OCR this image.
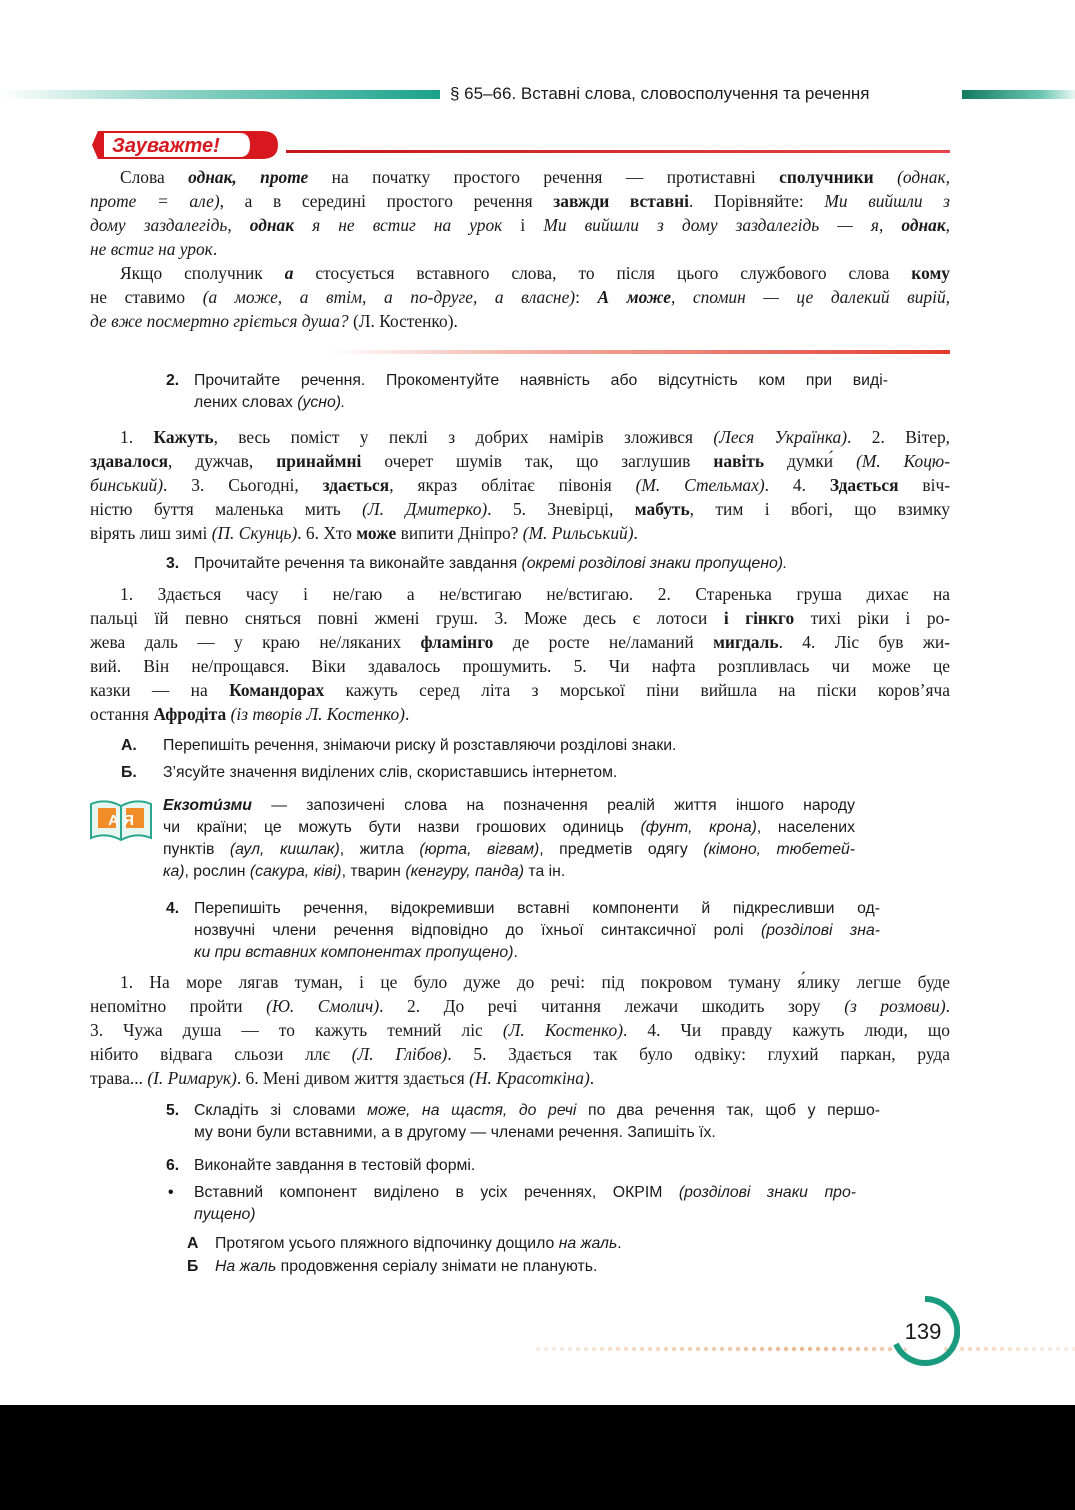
§ 65–66. Вставні слова, словосполучення та речення
Зауважте!
Слова однак, проте на початку простого речення — протиставні сполучники (однак,
проте = але), а в середині простого речення завжди вставні. Порівняйте: Ми вийшли з
дому заздалегідь, однак я не встиг на урок і Ми вийшли з дому заздалегідь — я, однак,
не встиг на урок.
Якщо сполучник а стосується вставного слова, то після цього службового слова кому
не ставимо (а може, а втім, а по-друге, а власне): А може, спомин — це далекий вирій,
де вже посмертно гріється душа? (Л. Костенко).
2. Прочитайте речення. Прокоментуйте наявність або відсутність ком при виді-
лених словах (усно).
1. Кажуть, весь поміст у пеклі з добрих намірів зложився (Леся Українка). 2. Вітер,
здавалося, дужчав, принаймні очерет шумів так, що заглушив навіть думки́ (М. Коцю-
бинський). 3. Сьогодні, здається, якраз облітає півонія (М. Стельмах). 4. Здається віч-
ністю буття маленька мить (Л. Дмитерко). 5. Зневірці, мабуть, тим і вбогі, що взимку
вірять лиш зимі (П. Скунць). 6. Хто може випити Дніпро? (М. Рильський).
3. Прочитайте речення та виконайте завдання (окремі розділові знаки пропущено).
1. Здається часу і не/гаю а не/встигаю не/встигаю. 2. Старенька груша дихає на
пальці їй певно сняться повні жмені груш. 3. Може десь є лотоси і гінкго тихі ріки і ро-
жева даль — у краю не/ляканих фламінго де росте не/ламаний мигдаль. 4. Ліс був жи-
вий. Він не/прощався. Віки здавалось прошумить. 5. Чи нафта розпливлась чи може це
казки — на Командорах кажуть серед літа з морської піни вийшла на піски коров’яча
остання Афродіта (із творів Л. Костенко).
А. Перепишіть речення, знімаючи риску й розставляючи розділові знаки.
Б. З’ясуйте значення виділених слів, скориставшись інтернетом.
А Я
Екзоти́зми — запозичені слова на позначення реалій життя іншого народу
чи країни; це можуть бути назви грошових одиниць (фунт, крона), населених
пунктів (аул, кишлак), житла (юрта, вігвам), предметів одягу (кімоно, тюбетей-
ка), рослин (сакура, ківі), тварин (кенгуру, панда) та ін.
4. Перепишіть речення, відокремивши вставні компоненти й підкресливши од-
нозвучні члени речення відповідно до їхньої синтаксичної ролі (розділові зна-
ки при вставних компонентах пропущено).
1. На море лягав туман, і це було дуже до речі: під покровом туману я́лику легше буде
непомітно пройти (Ю. Смолич). 2. До речі читання лежачи шкодить зору (з розмови).
3. Чужа душа — то кажуть темний ліс (Л. Костенко). 4. Чи правду кажуть люди, що
нібито відвага сльози ллє (Л. Глібов). 5. Здається так було одвіку: глухий паркан, руда
трава... (І. Римарук). 6. Мені дивом життя здається (Н. Красоткіна).
5. Складіть зі словами може, на щастя, до речі по два речення так, щоб у першо-
му вони були вставними, а в другому — членами речення. Запишіть їх.
6. Виконайте завдання в тестовій формі.
• Вставний компонент виділено в усіх реченнях, ОКРІМ (розділові знаки про-
пущено)
А Протягом усього пляжного відпочинку дощило на жаль.
Б На жаль продовження серіалу знімати не планують.
139
